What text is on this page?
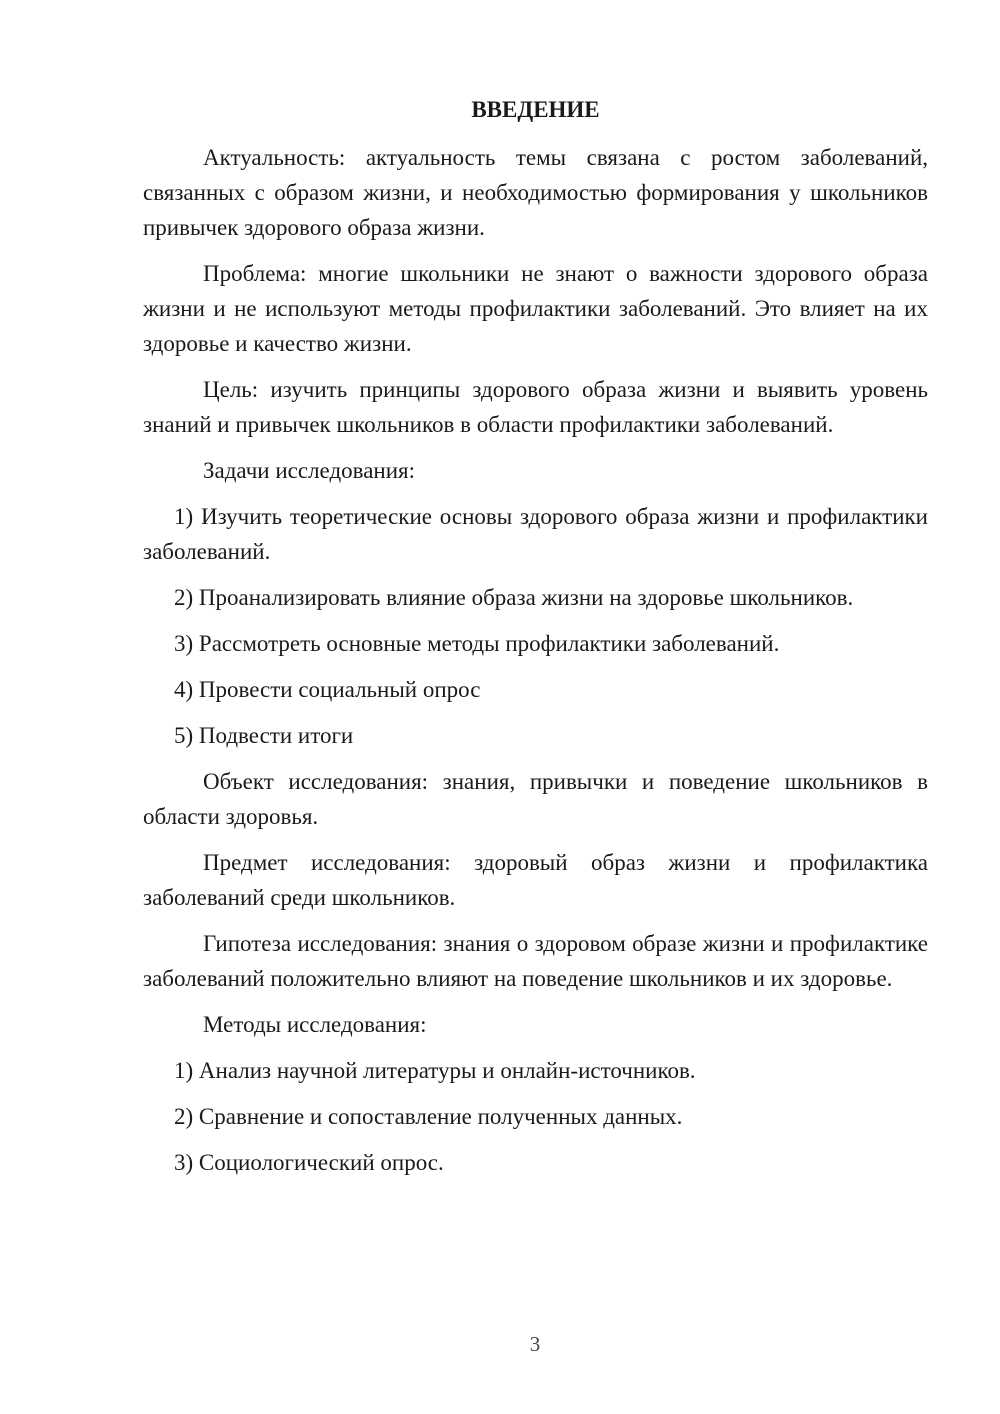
ВВЕДЕНИЕ

Актуальность: актуальность темы связана с ростом заболеваний, связанных с образом жизни, и необходимостью формирования у школьников привычек здорового образа жизни.

Проблема: многие школьники не знают о важности здорового образа жизни и не используют методы профилактики заболеваний. Это влияет на их здоровье и качество жизни.

Цель: изучить принципы здорового образа жизни и выявить уровень знаний и привычек школьников в области профилактики заболеваний.

Задачи исследования:

1) Изучить теоретические основы здорового образа жизни и профилактики заболеваний.

2) Проанализировать влияние образа жизни на здоровье школьников.

3) Рассмотреть основные методы профилактики заболеваний.

4) Провести социальный опрос

5) Подвести итоги

Объект исследования: знания, привычки и поведение школьников в области здоровья.

Предмет исследования: здоровый образ жизни и профилактика заболеваний среди школьников.

Гипотеза исследования: знания о здоровом образе жизни и профилактике заболеваний положительно влияют на поведение школьников и их здоровье.

Методы исследования:

1) Анализ научной литературы и онлайн-источников.

2) Сравнение и сопоставление полученных данных.

3) Социологический опрос.

3
